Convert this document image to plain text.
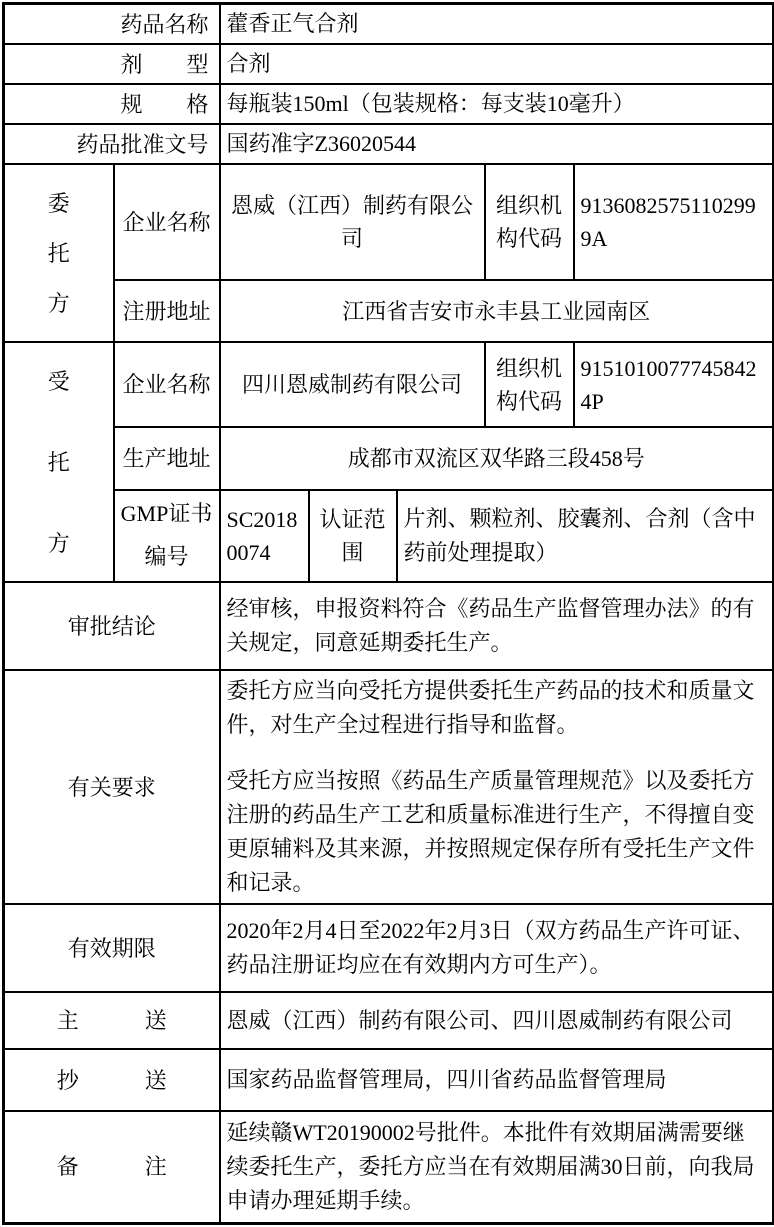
药品名称		藿香正气合剂				
剂　　型		合剂				
规　　格		每瓶装150ml（包装规格：每支装10毫升）				
药品批准文号		国药准字Z36020544				

委
托
方	企业名称	恩威（江西）制药有限公司			组织机构代码	91360825751102999A
	注册地址	江西省吉安市永丰县工业园南区				

受
托
方	企业名称	四川恩威制药有限公司			组织机构代码	91510100777458424P
	生产地址	成都市双流区双华路三段458号				
	GMP证书编号	SC20180074	认证范围	片剂、颗粒剂、胶囊剂、合剂（含中药前处理提取）		
审批结论		经审核，申报资料符合《药品生产监督管理办法》的有关规定，同意延期委托生产。				
有关要求		委托方应当向受托方提供委托生产药品的技术和质量文件，对生产全过程进行指导和监督。
受托方应当按照《药品生产质量管理规范》以及委托方注册的药品生产工艺和质量标准进行生产，不得擅自变更原辅料及其来源，并按照规定保存所有受托生产文件和记录。				

有效期限		2020年2月4日至2022年2月3日（双方药品生产许可证、药品注册证均应在有效期内方可生产）。				
主　　　送		恩威（江西）制药有限公司、四川恩威制药有限公司				
抄　　　送		国家药品监督管理局，四川省药品监督管理局				
备　　　注		延续赣WT20190002号批件。本批件有效期届满需要继续委托生产，委托方应当在有效期届满30日前，向我局申请办理延期手续。				
